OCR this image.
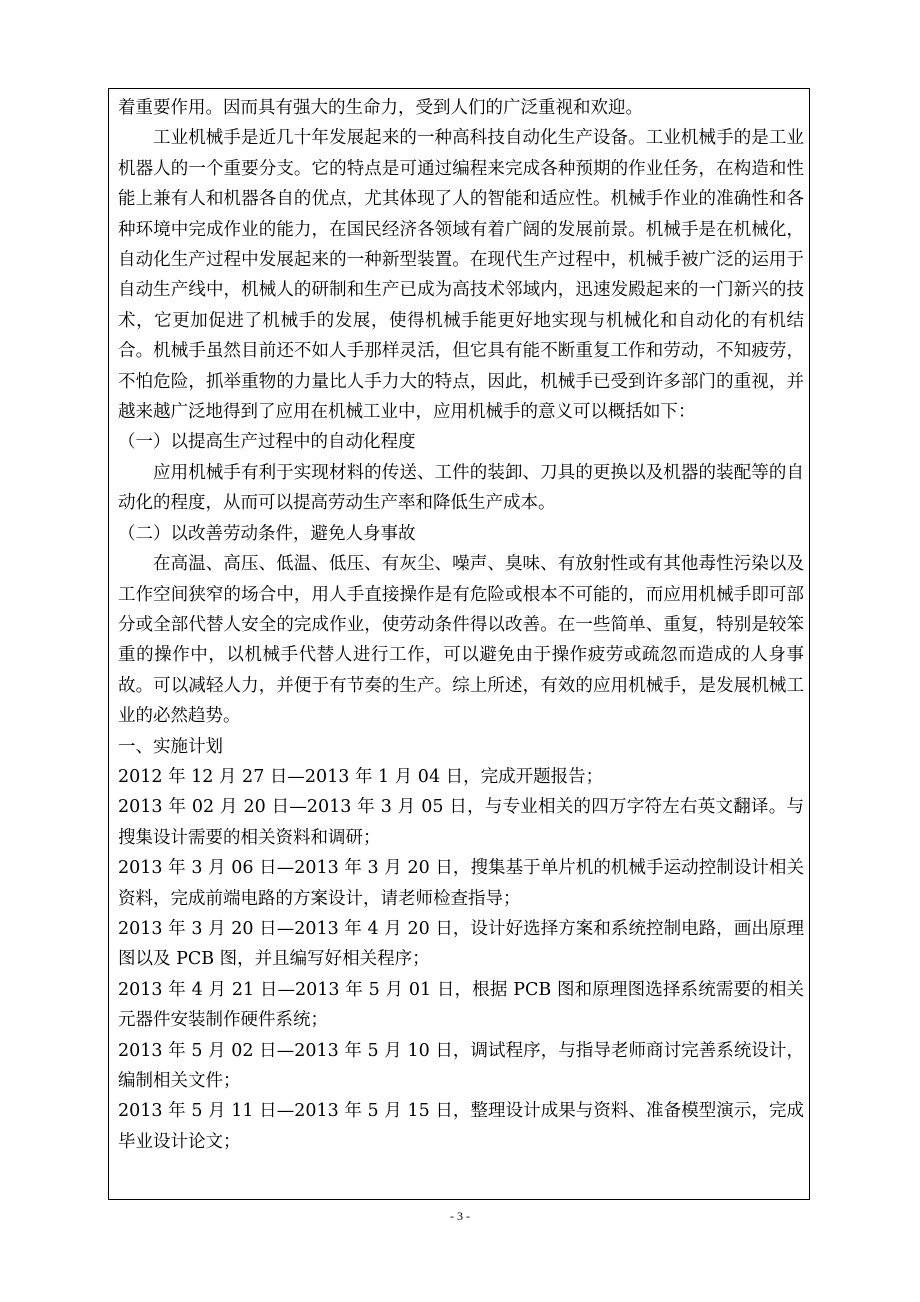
着重要作用。因而具有强大的生命力，受到人们的广泛重视和欢迎。

工业机械手是近几十年发展起来的一种高科技自动化生产设备。工业机械手的是工业机器人的一个重要分支。它的特点是可通过编程来完成各种预期的作业任务，在构造和性能上兼有人和机器各自的优点，尤其体现了人的智能和适应性。机械手作业的准确性和各种环境中完成作业的能力，在国民经济各领域有着广阔的发展前景。机械手是在机械化，自动化生产过程中发展起来的一种新型装置。在现代生产过程中，机械手被广泛的运用于自动生产线中，机械人的研制和生产已成为高技术邻域内，迅速发殿起来的一门新兴的技术，它更加促进了机械手的发展，使得机械手能更好地实现与机械化和自动化的有机结合。机械手虽然目前还不如人手那样灵活，但它具有能不断重复工作和劳动，不知疲劳，不怕危险，抓举重物的力量比人手力大的特点，因此，机械手已受到许多部门的重视，并越来越广泛地得到了应用在机械工业中，应用机械手的意义可以概括如下：

（一）以提高生产过程中的自动化程度

应用机械手有利于实现材料的传送、工件的装卸、刀具的更换以及机器的装配等的自动化的程度，从而可以提高劳动生产率和降低生产成本。

（二）以改善劳动条件，避免人身事故

在高温、高压、低温、低压、有灰尘、噪声、臭味、有放射性或有其他毒性污染以及工作空间狭窄的场合中，用人手直接操作是有危险或根本不可能的，而应用机械手即可部分或全部代替人安全的完成作业，使劳动条件得以改善。在一些简单、重复，特别是较笨重的操作中，以机械手代替人进行工作，可以避免由于操作疲劳或疏忽而造成的人身事故。可以减轻人力，并便于有节奏的生产。综上所述，有效的应用机械手，是发展机械工业的必然趋势。

一、实施计划

2012 年 12 月 27 日—2013 年 1 月 04 日，完成开题报告；

2013 年 02 月 20 日—2013 年 3 月 05 日，与专业相关的四万字符左右英文翻译。与搜集设计需要的相关资料和调研；

2013 年 3 月 06 日—2013 年 3 月 20 日，搜集基于单片机的机械手运动控制设计相关资料，完成前端电路的方案设计，请老师检查指导；

2013 年 3 月 20 日—2013 年 4 月 20 日，设计好选择方案和系统控制电路，画出原理图以及 PCB 图，并且编写好相关程序；

2013 年 4 月 21 日—2013 年 5 月 01 日，根据 PCB 图和原理图选择系统需要的相关元器件安装制作硬件系统；

2013 年 5 月 02 日—2013 年 5 月 10 日，调试程序，与指导老师商讨完善系统设计，编制相关文件；

2013 年 5 月 11 日—2013 年 5 月 15 日，整理设计成果与资料、准备模型演示，完成毕业设计论文；

- 3 -
